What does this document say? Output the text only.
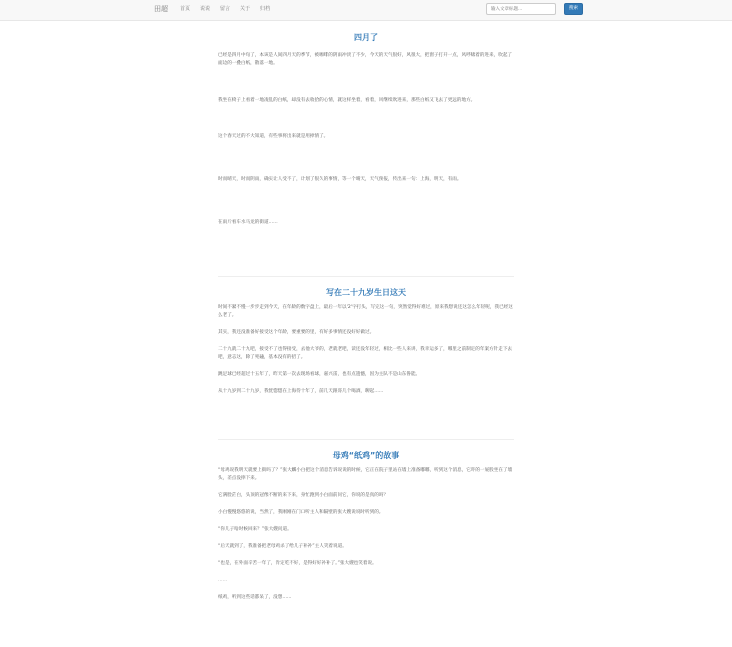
田超 首页 说说 留言 关于 归档
输入文章标题...	搜索
四月了

已经是四月中旬了，本该是人间四月天的季节，被咖啡的阴雨冲淡了不少，今天的天气很好，风很大，把窗子打开一点，风呼啸着的进来，吹起了面边的一叠白纸，散落一地。

我坐在椅子上看着一地凌乱的白纸，却没有去收拾的心情，就这样坐着，看着，风继续吹进来，那些白纸又飞去了更远的地方。

这个春天过的不大知道，有些事将出来就是用掉情了。

时而晴天，时而阴雨，确实让人受不了，计划了很久的事情，等一个晴天，天气预报，传出来一句：上海，明天，有雨。

在雨斤看车水马龙的街道……

写在二十九岁生日这天

时间不紧不慢一步步走到今天，在年龄的数字盘上，最后一年以'2'字打头，写完这一句，突然觉得好难过，原来我想说还这怎么年轻呢，我已经这么老了。

其实，我还没准备好接受这个年龄，要重要的里，有好多事情还没好好做过。

二十九就二十九吧，接受不了也得接受，去他大爷的，老就老吧，读还没年轻过，相比一些人来讲，我幸运多了，哪里之前制定的年案方针走下去吧，意志这，除了死磕，基本没有的招了。

跳足球已经超过十五年了，昨天第一次去现场看球，嘉兴雷，也有点遗憾，因为主队不是山东鲁能。

从十九岁到二十九岁，我恍惚惚在上海待十年了，前几天跟哥几个喝酒，聊起……

母鸡“纸鸡”的故事

“母鸡说我明天就要上街吗了？”张大麟小白把这个消息告诉说说的时候，它正在院子里站在墙上准备嘟嘟，听到这个消息，它吓的一屁股坐在了墙头，差点没摔下来。

它满脸茫白，头顶的冠像不断的来下来，身忙跑到小白面前问它，你说的是真的吗？

小白慢慢悠悠的说，当然了，我刚刚在门口听主人和隔壁的张大嫂说说时听到的。

“你儿子啥时候回来？”张大嫂问道。

“后天就到了，我准备把老母鸡杀了给儿子补补”主人笑着说道。

“也是，在外面辛苦一年了，肯定吃不好，是得好好补补了。”张大嫂也笑着说。

……

纸鸡，听到这些话都呆了，没想……
